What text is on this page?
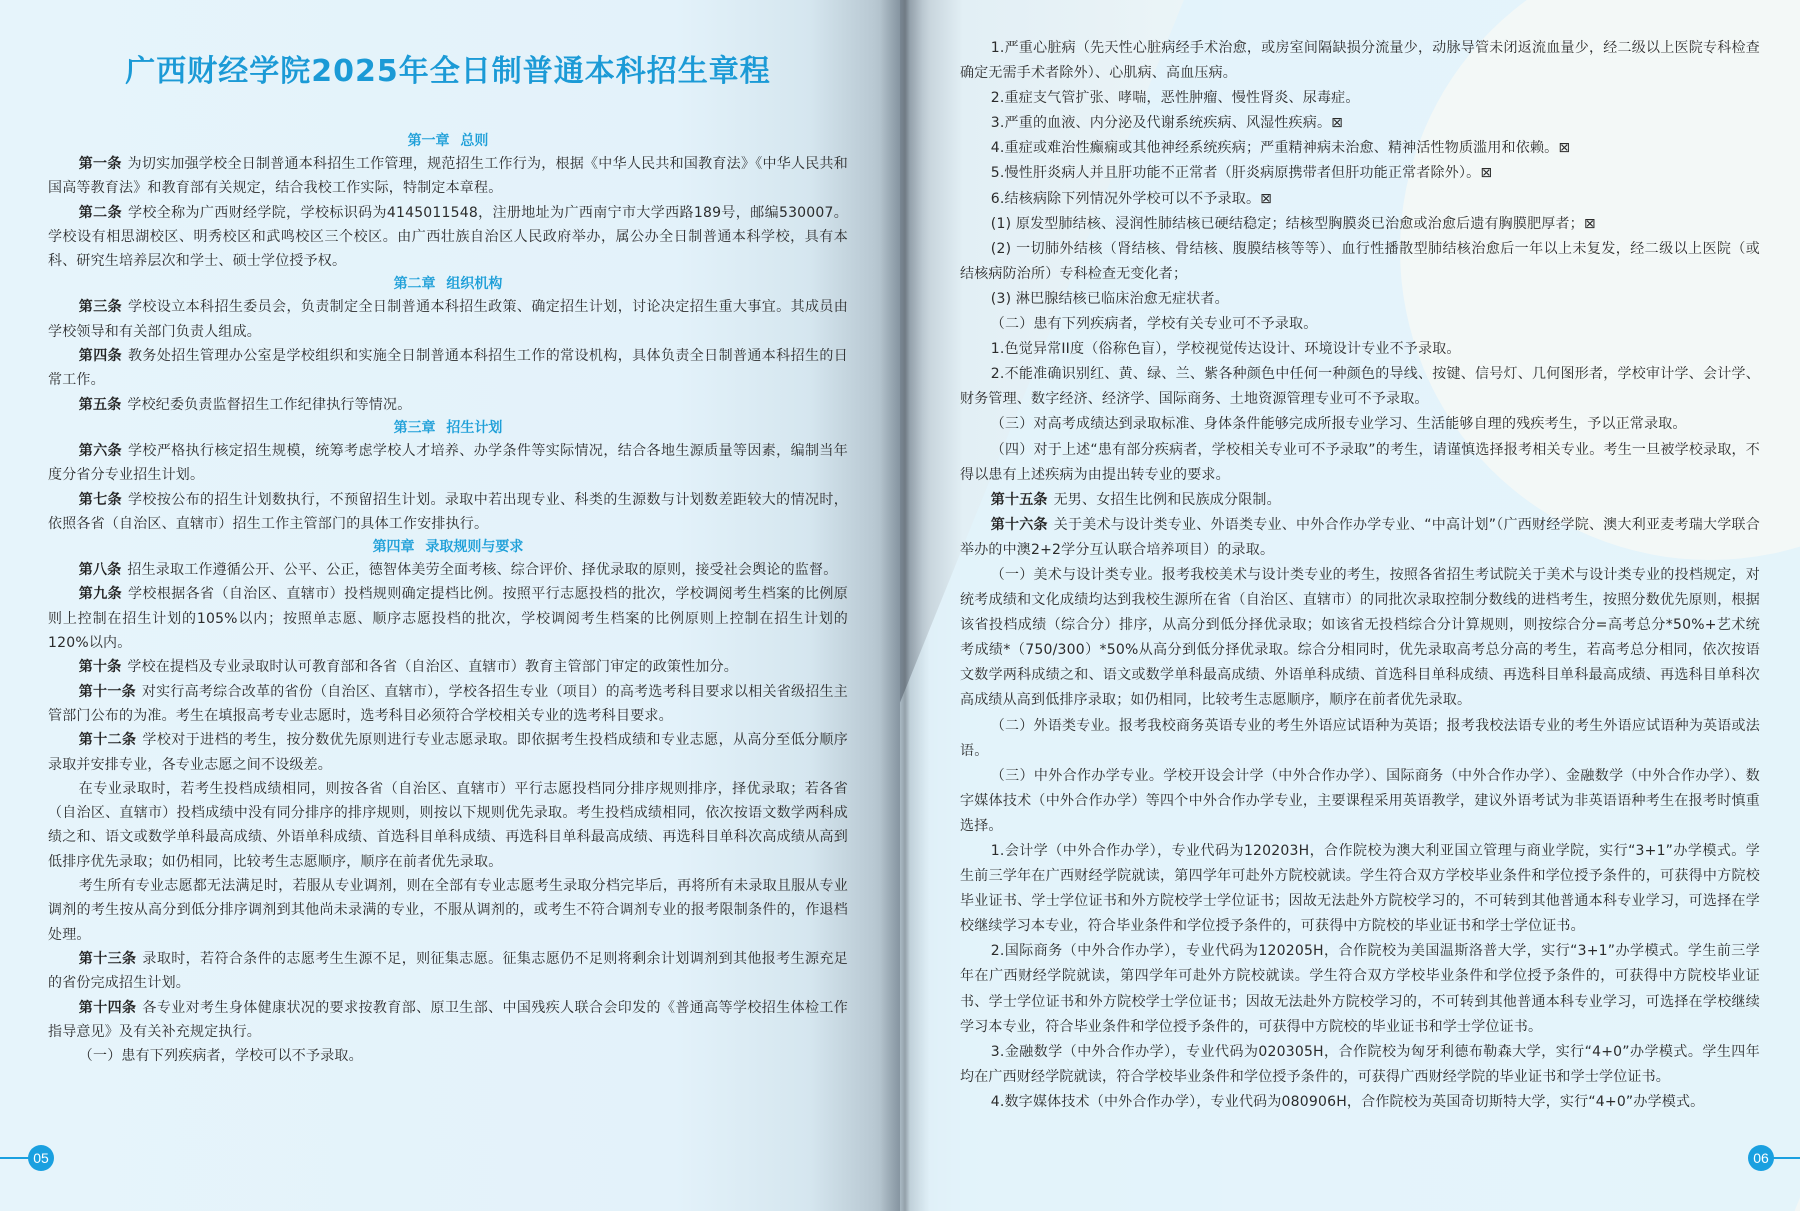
广西财经学院2025年全日制普通本科招生章程
第一章 总则

第一条 为切实加强学校全日制普通本科招生工作管理，规范招生工作行为，根据《中华人民共和国教育法》《中华人民共和国高等教育法》和教育部有关规定，结合我校工作实际，特制定本章程。

第二条 学校全称为广西财经学院，学校标识码为4145011548，注册地址为广西南宁市大学西路189号，邮编530007。学校设有相思湖校区、明秀校区和武鸣校区三个校区。由广西壮族自治区人民政府举办，属公办全日制普通本科学校，具有本科、研究生培养层次和学士、硕士学位授予权。

第二章 组织机构

第三条 学校设立本科招生委员会，负责制定全日制普通本科招生政策、确定招生计划，讨论决定招生重大事宜。其成员由学校领导和有关部门负责人组成。

第四条 教务处招生管理办公室是学校组织和实施全日制普通本科招生工作的常设机构，具体负责全日制普通本科招生的日常工作。

第五条 学校纪委负责监督招生工作纪律执行等情况。

第三章 招生计划

第六条 学校严格执行核定招生规模，统筹考虑学校人才培养、办学条件等实际情况，结合各地生源质量等因素，编制当年度分省分专业招生计划。

第七条 学校按公布的招生计划数执行，不预留招生计划。录取中若出现专业、科类的生源数与计划数差距较大的情况时，依照各省（自治区、直辖市）招生工作主管部门的具体工作安排执行。

第四章 录取规则与要求

第八条 招生录取工作遵循公开、公平、公正，德智体美劳全面考核、综合评价、择优录取的原则，接受社会舆论的监督。

第九条 学校根据各省（自治区、直辖市）投档规则确定提档比例。按照平行志愿投档的批次，学校调阅考生档案的比例原则上控制在招生计划的105%以内；按照单志愿、顺序志愿投档的批次，学校调阅考生档案的比例原则上控制在招生计划的120%以内。

第十条 学校在提档及专业录取时认可教育部和各省（自治区、直辖市）教育主管部门审定的政策性加分。

第十一条 对实行高考综合改革的省份（自治区、直辖市），学校各招生专业（项目）的高考选考科目要求以相关省级招生主管部门公布的为准。考生在填报高考专业志愿时，选考科目必须符合学校相关专业的选考科目要求。

第十二条 学校对于进档的考生，按分数优先原则进行专业志愿录取。即依据考生投档成绩和专业志愿，从高分至低分顺序录取并安排专业，各专业志愿之间不设级差。

在专业录取时，若考生投档成绩相同，则按各省（自治区、直辖市）平行志愿投档同分排序规则排序，择优录取；若各省（自治区、直辖市）投档成绩中没有同分排序的排序规则，则按以下规则优先录取。考生投档成绩相同，依次按语文数学两科成绩之和、语文或数学单科最高成绩、外语单科成绩、首选科目单科成绩、再选科目单科最高成绩、再选科目单科次高成绩从高到低排序优先录取；如仍相同，比较考生志愿顺序，顺序在前者优先录取。

考生所有专业志愿都无法满足时，若服从专业调剂，则在全部有专业志愿考生录取分档完毕后，再将所有未录取且服从专业调剂的考生按从高分到低分排序调剂到其他尚未录满的专业，不服从调剂的，或考生不符合调剂专业的报考限制条件的，作退档处理。

第十三条 录取时，若符合条件的志愿考生生源不足，则征集志愿。征集志愿仍不足则将剩余计划调剂到其他报考生源充足的省份完成招生计划。

第十四条 各专业对考生身体健康状况的要求按教育部、原卫生部、中国残疾人联合会印发的《普通高等学校招生体检工作指导意见》及有关补充规定执行。

（一）患有下列疾病者，学校可以不予录取。

05

1.严重心脏病（先天性心脏病经手术治愈，或房室间隔缺损分流量少，动脉导管未闭返流血量少，经二级以上医院专科检查确定无需手术者除外）、心肌病、高血压病。

2.重症支气管扩张、哮喘，恶性肿瘤、慢性肾炎、尿毒症。

3.严重的血液、内分泌及代谢系统疾病、风湿性疾病。⊠

4.重症或难治性癫痫或其他神经系统疾病；严重精神病未治愈、精神活性物质滥用和依赖。⊠

5.慢性肝炎病人并且肝功能不正常者（肝炎病原携带者但肝功能正常者除外）。⊠

6.结核病除下列情况外学校可以不予录取。⊠

(1) 原发型肺结核、浸润性肺结核已硬结稳定；结核型胸膜炎已治愈或治愈后遗有胸膜肥厚者；⊠

(2) 一切肺外结核（肾结核、骨结核、腹膜结核等等）、血行性播散型肺结核治愈后一年以上未复发，经二级以上医院（或结核病防治所）专科检查无变化者；

(3) 淋巴腺结核已临床治愈无症状者。

（二）患有下列疾病者，学校有关专业可不予录取。

1.色觉异常II度（俗称色盲），学校视觉传达设计、环境设计专业不予录取。

2.不能准确识别红、黄、绿、兰、紫各种颜色中任何一种颜色的导线、按键、信号灯、几何图形者，学校审计学、会计学、财务管理、数字经济、经济学、国际商务、土地资源管理专业可不予录取。

（三）对高考成绩达到录取标准、身体条件能够完成所报专业学习、生活能够自理的残疾考生，予以正常录取。

（四）对于上述“患有部分疾病者，学校相关专业可不予录取”的考生，请谨慎选择报考相关专业。考生一旦被学校录取，不得以患有上述疾病为由提出转专业的要求。

第十五条 无男、女招生比例和民族成分限制。

第十六条 关于美术与设计类专业、外语类专业、中外合作办学专业、“中高计划”（广西财经学院、澳大利亚麦考瑞大学联合举办的中澳2+2学分互认联合培养项目）的录取。

（一）美术与设计类专业。报考我校美术与设计类专业的考生，按照各省招生考试院关于美术与设计类专业的投档规定，对统考成绩和文化成绩均达到我校生源所在省（自治区、直辖市）的同批次录取控制分数线的进档考生，按照分数优先原则，根据该省投档成绩（综合分）排序，从高分到低分择优录取；如该省无投档综合分计算规则，则按综合分=高考总分*50%+艺术统考成绩*（750/300）*50%从高分到低分择优录取。综合分相同时，优先录取高考总分高的考生，若高考总分相同，依次按语文数学两科成绩之和、语文或数学单科最高成绩、外语单科成绩、首选科目单科成绩、再选科目单科最高成绩、再选科目单科次高成绩从高到低排序录取；如仍相同，比较考生志愿顺序，顺序在前者优先录取。

（二）外语类专业。报考我校商务英语专业的考生外语应试语种为英语；报考我校法语专业的考生外语应试语种为英语或法语。

（三）中外合作办学专业。学校开设会计学（中外合作办学）、国际商务（中外合作办学）、金融数学（中外合作办学）、数字媒体技术（中外合作办学）等四个中外合作办学专业，主要课程采用英语教学，建议外语考试为非英语语种考生在报考时慎重选择。

1.会计学（中外合作办学），专业代码为120203H，合作院校为澳大利亚国立管理与商业学院，实行“3+1”办学模式。学生前三学年在广西财经学院就读，第四学年可赴外方院校就读。学生符合双方学校毕业条件和学位授予条件的，可获得中方院校毕业证书、学士学位证书和外方院校学士学位证书；因故无法赴外方院校学习的，不可转到其他普通本科专业学习，可选择在学校继续学习本专业，符合毕业条件和学位授予条件的，可获得中方院校的毕业证书和学士学位证书。

2.国际商务（中外合作办学），专业代码为120205H，合作院校为美国温斯洛普大学，实行“3+1”办学模式。学生前三学年在广西财经学院就读，第四学年可赴外方院校就读。学生符合双方学校毕业条件和学位授予条件的，可获得中方院校毕业证书、学士学位证书和外方院校学士学位证书；因故无法赴外方院校学习的，不可转到其他普通本科专业学习，可选择在学校继续学习本专业，符合毕业条件和学位授予条件的，可获得中方院校的毕业证书和学士学位证书。

3.金融数学（中外合作办学），专业代码为020305H，合作院校为匈牙利德布勒森大学，实行“4+0”办学模式。学生四年均在广西财经学院就读，符合学校毕业条件和学位授予条件的，可获得广西财经学院的毕业证书和学士学位证书。

4.数字媒体技术（中外合作办学），专业代码为080906H，合作院校为英国奇切斯特大学，实行“4+0”办学模式。

06
